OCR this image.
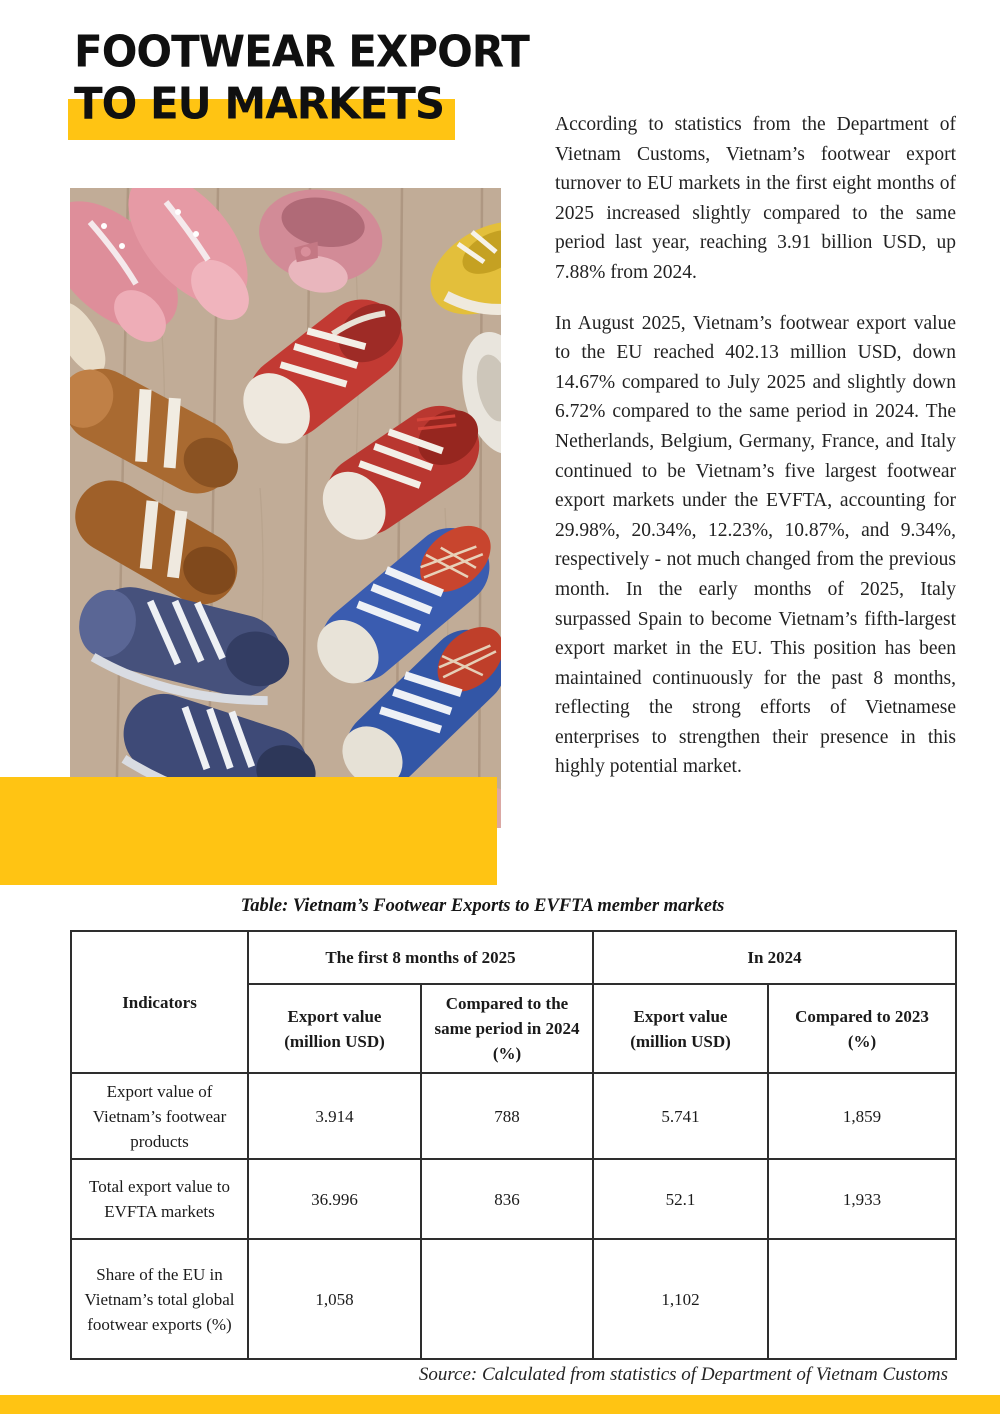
FOOTWEAR EXPORT
TO EU MARKETS	According to statistics from the Department of Vietnam Customs, Vietnam’s footwear export turnover to EU markets in the first eight months of 2025 increased slightly compared to the same period last year, reaching 3.91 billion USD, up 7.88% from 2024.

In August 2025, Vietnam’s footwear export value to the EU reached 402.13 million USD, down 14.67% compared to July 2025 and slightly down 6.72% compared to the same period in 2024. The Netherlands, Belgium, Germany, France, and Italy continued to be Vietnam’s five largest footwear export markets under the EVFTA, accounting for 29.98%, 20.34%, 12.23%, 10.87%, and 9.34%, respectively - not much changed from the previous month. In the early months of 2025, Italy surpassed Spain to become Vietnam’s fifth-largest export market in the EU. This position has been maintained continuously for the past 8 months, reflecting the strong efforts of Vietnamese enterprises to strengthen their presence in this highly potential market.

Table: Vietnam’s Footwear Exports to EVFTA member markets
Indicators	The first 8 months of 2025		In 2024	
	Export value (million USD)	Compared to the same period in 2024 (%)	Export value (million USD)	Compared to 2023 (%)
Export value of Vietnam’s footwear products	3.914	788	5.741	1,859
Total export value to EVFTA markets	36.996	836	52.1	1,933
Share of the EU in Vietnam’s total global footwear exports (%)	1,058		1,102	
Source: Calculated from statistics of Department of Vietnam Customs
